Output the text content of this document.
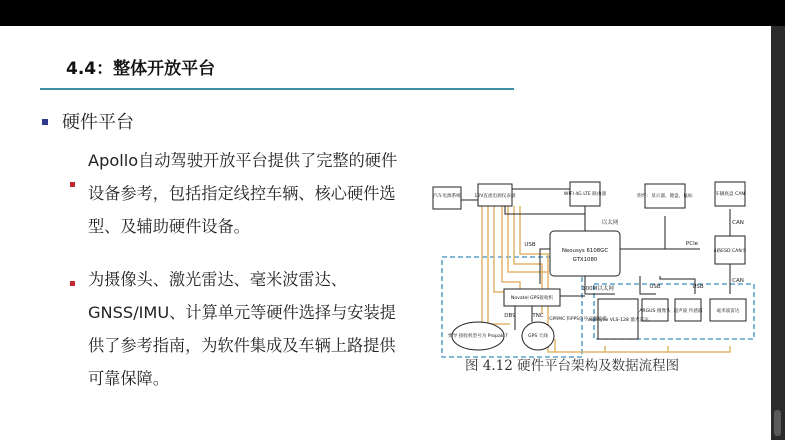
4.4：整体开放平台
硬件平台
Apollo自动驾驶开放平台提供了完整的硬件设备参考，包括指定线控车辆、核心硬件选型、及辅助硬件设备。
为摄像头、激光雷达、毫米波雷达、GNSS/IMU、计算单元等硬件选择与安装提供了参考指南，为软件集成及车辆上路提供可靠保障。
汽车电源系统	12V直流电源仪表板	WIFI 4G LTE 路由器	附件：显示器、键盘、鼠标	车辆底盘 CAN
Neousys 6108GC
GTX1080
4路ESD CAN卡
Novatel GPS接收机
惯导 接收机型号为 Propak 7	GPS 天线
Velodyne VLS-128 激光雷达
ARGUS 摄像头 超声波 传感器	毫米波雷达
以太网
USB	PCIe
CAN
CAN
100M以太网	USB	USB
DB9	TNC
GPRMC 和PPS信号 定制电缆
图 4.12 硬件平台架构及数据流程图
